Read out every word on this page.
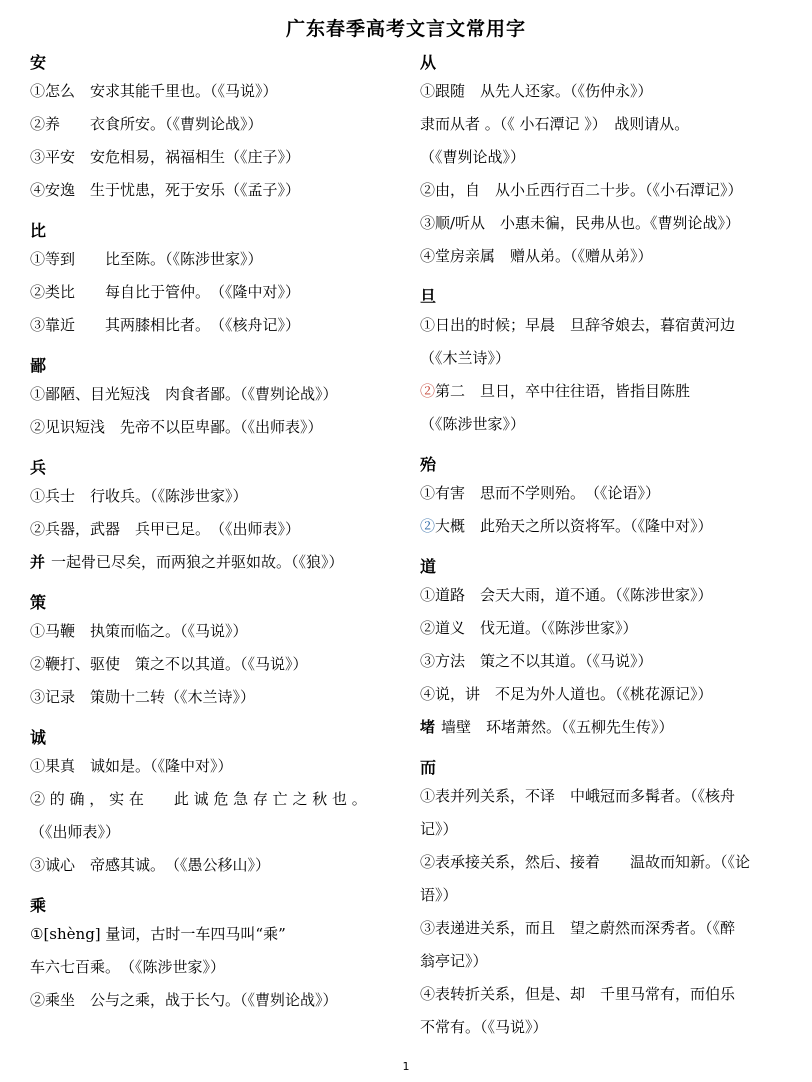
广东春季高考文言文常用字
安
①怎么　安求其能千里也。（《马说》）
②养　　衣食所安。（《曹刿论战》）
③平安　安危相易，祸福相生（《庄子》）
④安逸　生于忧患，死于安乐（《孟子》）
比
①等到　　比至陈。（《陈涉世家》）
②类比　　每自比于管仲。　（《隆中对》）
③靠近　　其两膝相比者。　（《核舟记》）
鄙
①鄙陋、目光短浅　肉食者鄙。（《曹刿论战》）
②见识短浅　先帝不以臣卑鄙。（《出师表》）
兵
①兵士　行收兵。（《陈涉世家》）
②兵器，武器　兵甲已足。　（《出师表》）
并 一起骨已尽矣，而两狼之并驱如故。（《狼》）
策
①马鞭　执策而临之。（《马说》）
②鞭打、驱使　策之不以其道。（《马说》）
③记录　策勋十二转（《木兰诗》）
诚
①果真　诚如是。（《隆中对》）
② 的 确 ， 实 在　　此 诚 危 急 存 亡 之 秋 也 。
（《出师表》）
③诚心　帝感其诚。　（《愚公移山》）
乘
①[shèng] 量词，古时一车四马叫“乘”
车六七百乘。　（《陈涉世家》）
②乘坐　公与之乘，战于长勺。（《曹刿论战》）
从
①跟随　从先人还家。（《伤仲永》）
隶而从者 。（《 小石潭记 》）　战则请从。
（《曹刿论战》）
②由，自　从小丘西行百二十步。（《小石潭记》）
③顺/听从　小惠未徧，民弗从也。《曹刿论战》）
④堂房亲属　赠从弟。（《赠从弟》）
旦
①日出的时候；早晨　旦辞爷娘去，暮宿黄河边
（《木兰诗》）
②第二　旦日，卒中往往语，皆指目陈胜
（《陈涉世家》）
殆
①有害　思而不学则殆。　（《论语》）
②大概　此殆天之所以资将军。（《隆中对》）
道
①道路　会天大雨，道不通。（《陈涉世家》）
②道义　伐无道。（《陈涉世家》）
③方法　策之不以其道。（《马说》）
④说，讲　不足为外人道也。（《桃花源记》）
堵 墙壁　环堵萧然。（《五柳先生传》）
而
①表并列关系，不译　中峨冠而多髯者。（《核舟
记》）
②表承接关系，然后、接着　　温故而知新。（《论
语》）
③表递进关系，而且　望之蔚然而深秀者。（《醉
翁亭记》）
④表转折关系，但是、却　千里马常有，而伯乐
不常有。（《马说》）
1
